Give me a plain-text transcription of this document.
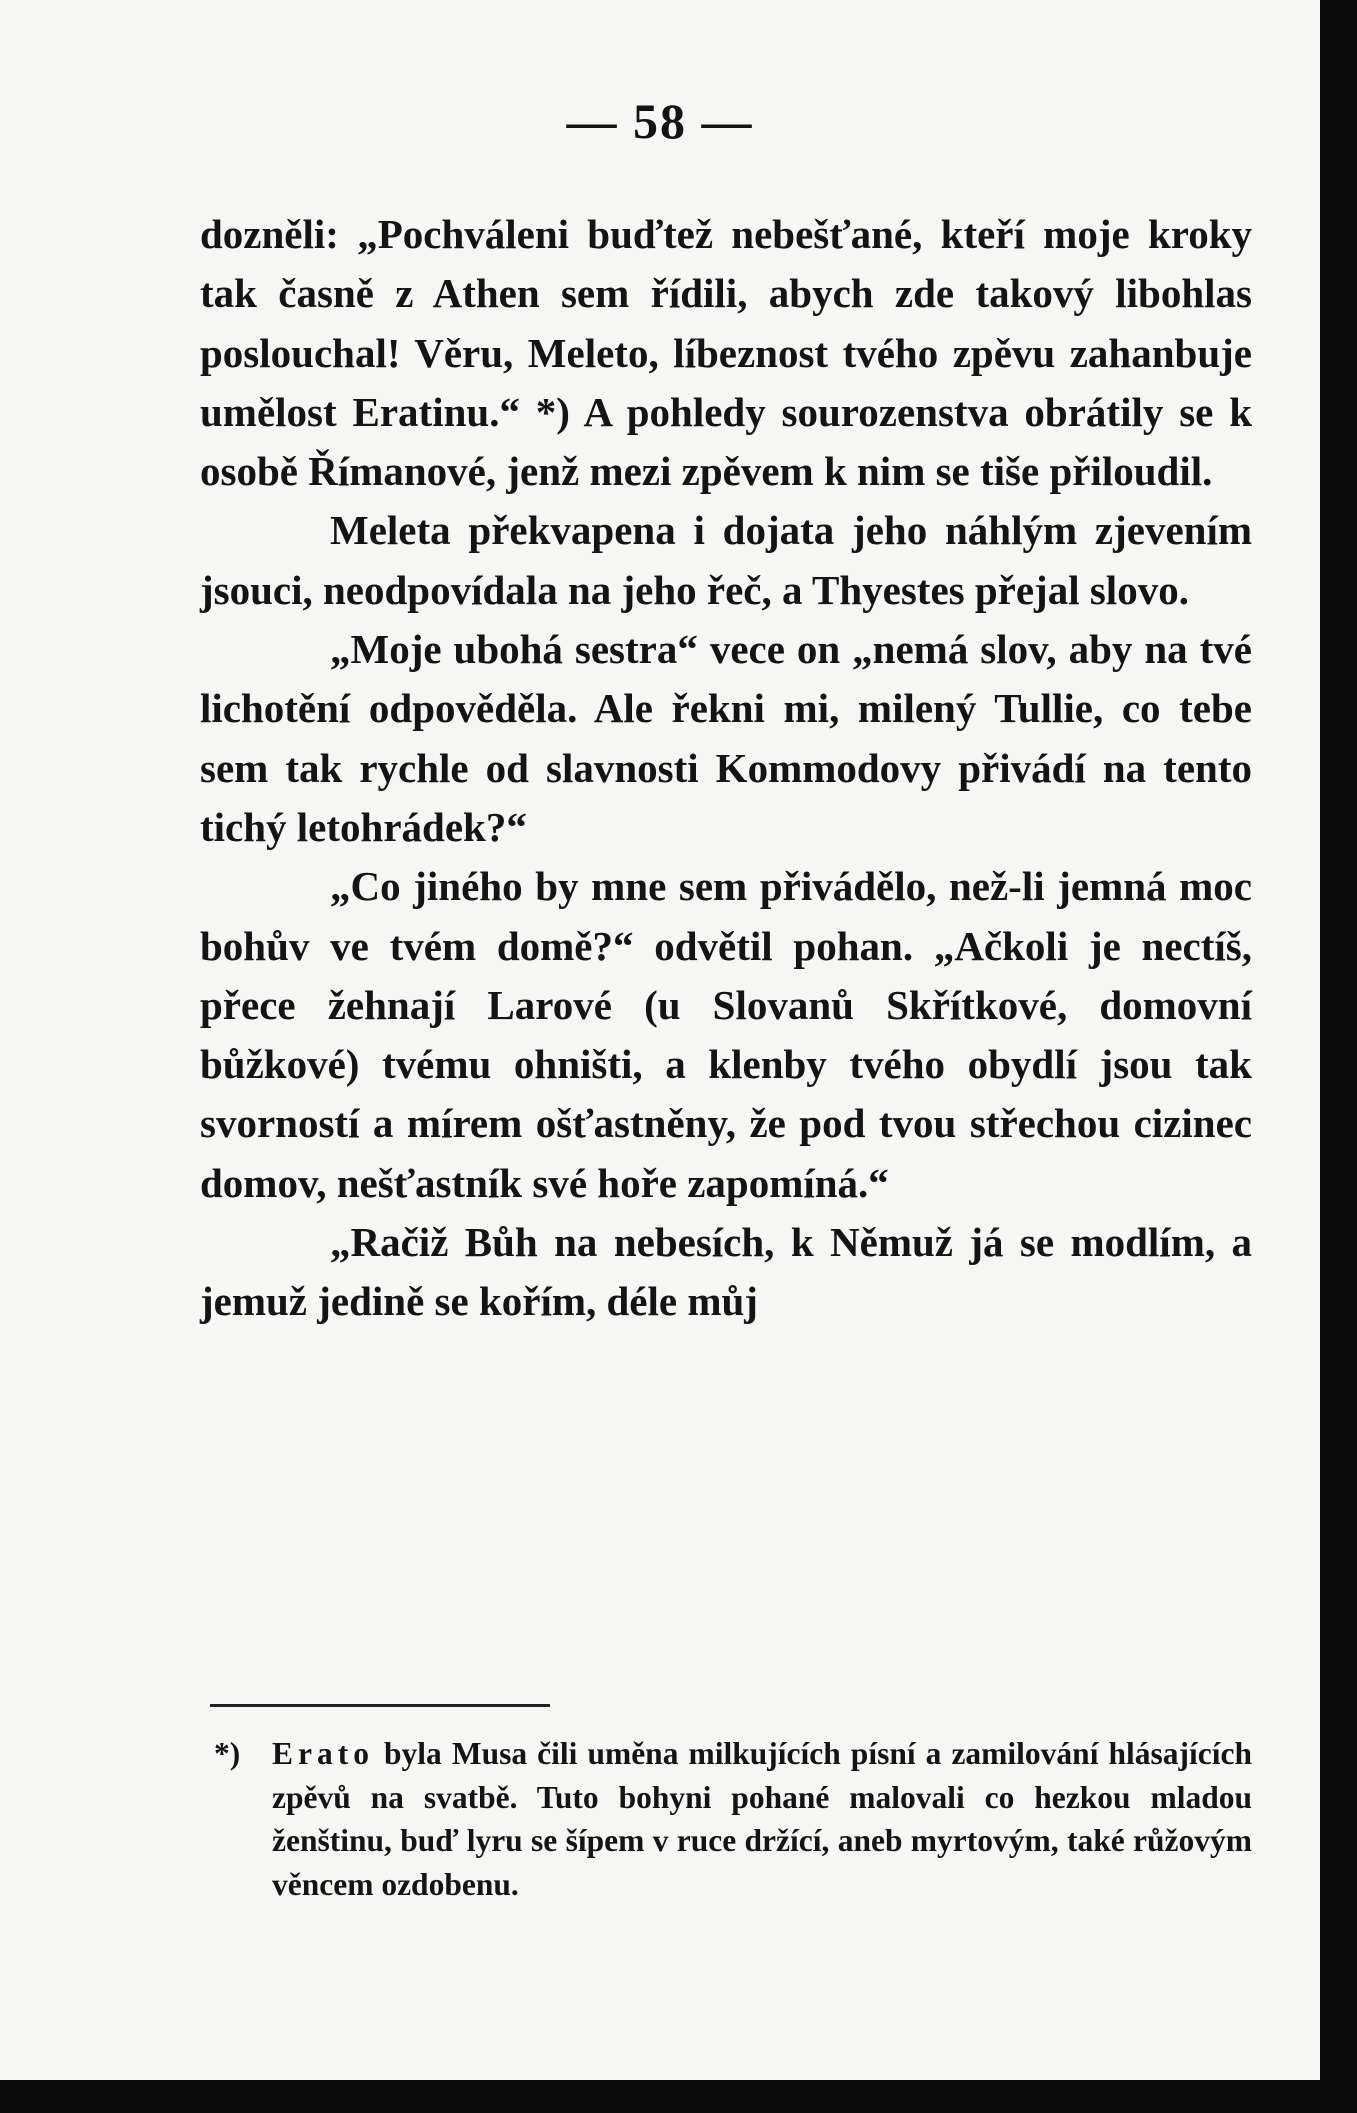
— 58 —

dozněli: „Pochváleni buďtež nebešťané, kteří moje kroky tak časně z Athen sem řídili, abych zde takový libohlas poslouchal! Věru, Meleto, líbeznost tvého zpěvu zahanbuje umělost Eratinu.“ *) A pohledy sourozenstva obrátily se k osobě Římanové, jenž mezi zpěvem k nim se tiše přiloudil.

Meleta překvapena i dojata jeho náhlým zjevením jsouci, neodpovídala na jeho řeč, a Thyestes přejal slovo.

„Moje ubohá sestra“ vece on „nemá slov, aby na tvé lichotění odpověděla. Ale řekni mi, milený Tullie, co tebe sem tak rychle od slavnosti Kommodovy přivádí na tento tichý letohrádek?“

„Co jiného by mne sem přivádělo, než-li jemná moc bohův ve tvém domě?“ odvětil pohan. „Ačkoli je nectíš, přece žehnají Larové (u Slovanů Skřítkové, domovní bůžkové) tvému ohništi, a klenby tvého obydlí jsou tak svorností a mírem ošťastněny, že pod tvou střechou cizinec domov, nešťastník své hoře zapomíná.“

„Račiž Bůh na nebesích, k Němuž já se modlím, a jemuž jedině se kořím, déle můj

*)	Erato byla Musa čili uměna milkujících písní a zamilování hlásajících zpěvů na svatbě. Tuto bohyni pohané malovali co hezkou mladou ženštinu, buď lyru se šípem v ruce držící, aneb myrtovým, také růžovým věncem ozdobenu.
